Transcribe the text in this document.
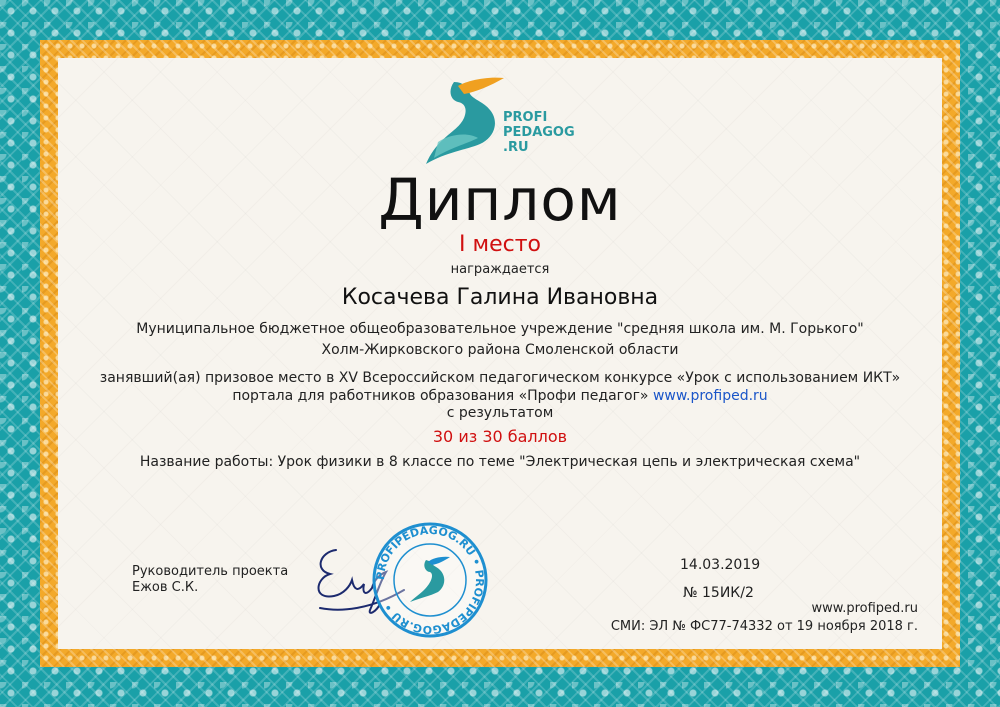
PROFI
PEDAGOG
.RU
Диплом
I место
награждается
Косачева Галина Ивановна
Муниципальное бюджетное общеобразовательное учреждение "средняя школа им. М. Горького"
Холм-Жирковского района Смоленской области
занявший(ая) призовое место в XV Всероссийском педагогическом конкурсе «Урок с использованием ИКТ»
портала для работников образования «Профи педагог» www.profiped.ru
с результатом
30 из 30 баллов
Название работы: Урок физики в 8 классе по теме "Электрическая цепь и электрическая схема"
Руководитель проекта
Ежов С.К.
PROFIPEDAGOG.RU • PROFIPEDAGOG.RU •
14.03.2019
№ 15ИК/2
www.profiped.ru
СМИ: ЭЛ № ФС77-74332 от 19 ноября 2018 г.
